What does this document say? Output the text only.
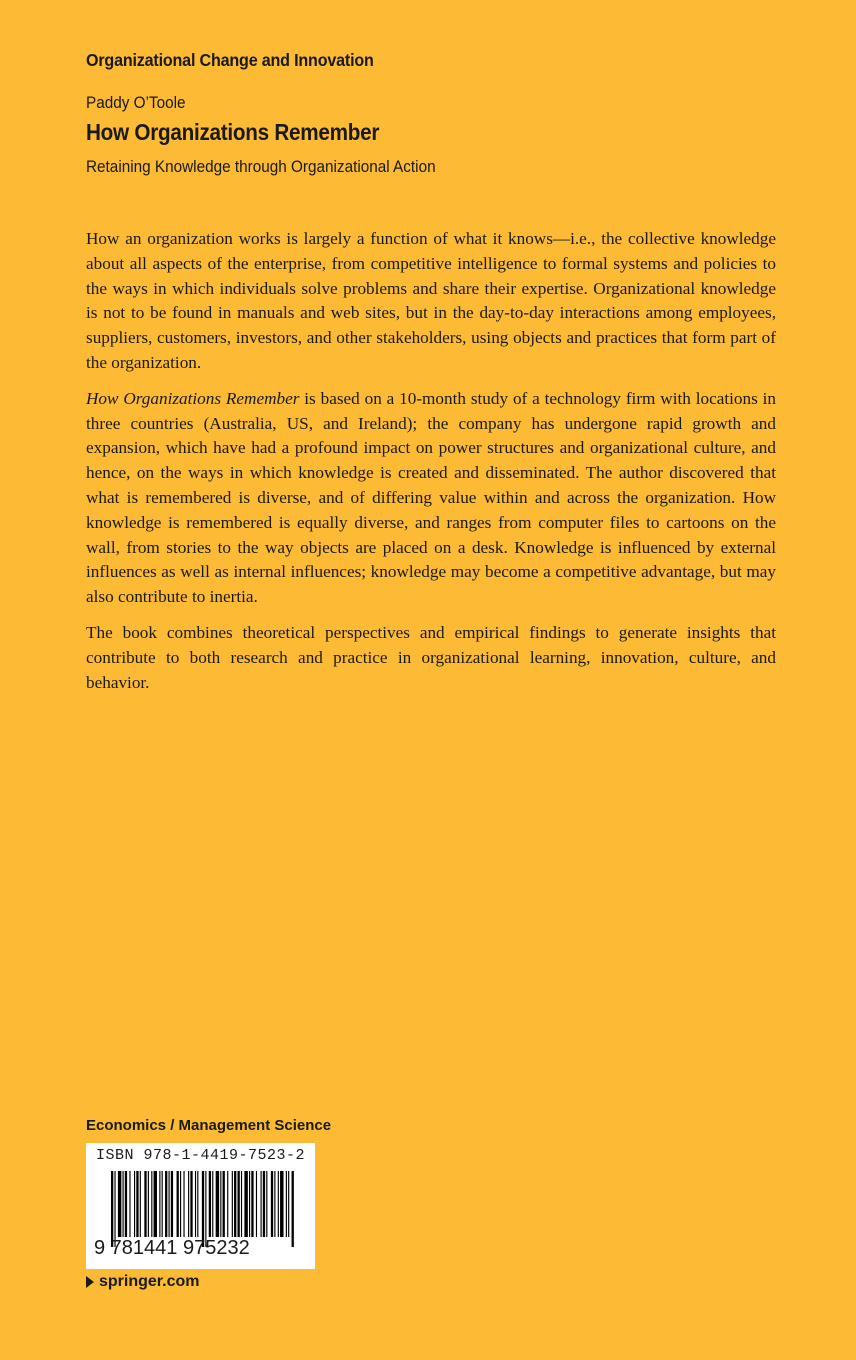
Organizational Change and Innovation
Paddy O’Toole
How Organizations Remember
Retaining Knowledge through Organizational Action

How an organization works is largely a function of what it knows—i.e., the collective knowledge about all aspects of the enterprise, from competitive intelligence to formal systems and policies to the ways in which individuals solve problems and share their expertise. Organizational knowledge is not to be found in manuals and web sites, but in the day-to-day interactions among employees, suppliers, customers, investors, and other stakeholders, using objects and practices that form part of the organization.

How Organizations Remember is based on a 10-month study of a technology firm with locations in three countries (Australia, US, and Ireland); the company has undergone rapid growth and expansion, which have had a profound impact on power structures and organizational culture, and hence, on the ways in which knowledge is created and disseminated. The author discovered that what is remembered is diverse, and of differing value within and across the organization. How knowledge is remembered is equally diverse, and ranges from computer files to cartoons on the wall, from stories to the way objects are placed on a desk. Knowledge is influenced by external influences as well as internal influences; knowledge may become a competitive advantage, but may also contribute to inertia.

The book combines theoretical perspectives and empirical findings to generate insights that contribute to both research and practice in organizational learning, innovation, culture, and behavior.

Economics / Management Science
ISBN 978-1-4419-7523-2
9 781441 975232
springer.com
